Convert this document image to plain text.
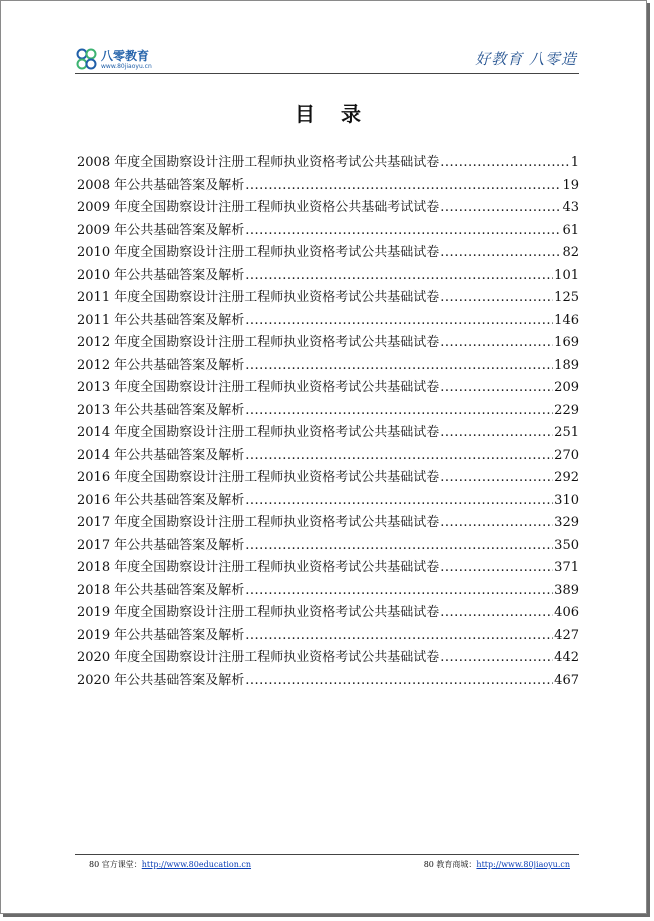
八零教育
www.80jiaoyu.cn	好教育 八零造
目录
2008 年度全国勘察设计注册工程师执业资格考试公共基础试卷 .....	1
2008 年公共基础答案及解析 .....	19
2009 年度全国勘察设计注册工程师执业资格公共基础考试试卷 .....	43
2009 年公共基础答案及解析 .....	61
2010 年度全国勘察设计注册工程师执业资格考试公共基础试卷 .....	82
2010 年公共基础答案及解析 .....	101
2011 年度全国勘察设计注册工程师执业资格考试公共基础试卷 .....	125
2011 年公共基础答案及解析 .....	146
2012 年度全国勘察设计注册工程师执业资格考试公共基础试卷 .....	169
2012 年公共基础答案及解析 .....	189
2013 年度全国勘察设计注册工程师执业资格考试公共基础试卷 .....	209
2013 年公共基础答案及解析 .....	229
2014 年度全国勘察设计注册工程师执业资格考试公共基础试卷 .....	251
2014 年公共基础答案及解析 .....	270
2016 年度全国勘察设计注册工程师执业资格考试公共基础试卷 .....	292
2016 年公共基础答案及解析 .....	310
2017 年度全国勘察设计注册工程师执业资格考试公共基础试卷 .....	329
2017 年公共基础答案及解析 .....	350
2018 年度全国勘察设计注册工程师执业资格考试公共基础试卷 .....	371
2018 年公共基础答案及解析 .....	389
2019 年度全国勘察设计注册工程师执业资格考试公共基础试卷 .....	406
2019 年公共基础答案及解析 .....	427
2020 年度全国勘察设计注册工程师执业资格考试公共基础试卷 .....	442
2020 年公共基础答案及解析 .....	467
80 官方课堂：http://www.80education.cn	80 教育商城：http://www.80jiaoyu.cn
